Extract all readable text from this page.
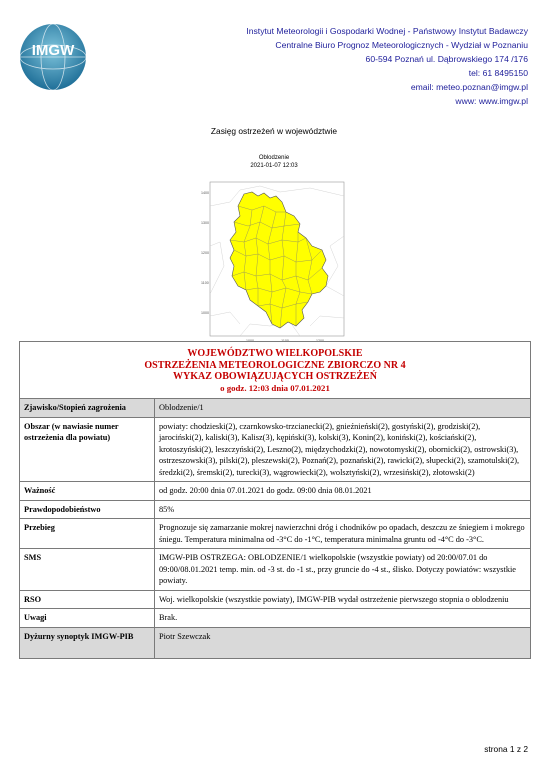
IMGW
Instytut Meteorologii i Gospodarki Wodnej - Państwowy Instytut Badawczy
Centralne Biuro Prognoz Meteorologicznych - Wydział w Poznaniu
60-594 Poznań ul. Dąbrowskiego 174 /176
tel: 61 8495150
email: meteo.poznan@imgw.pl
www: www.imgw.pl
Zasięg ostrzeżeń w województwie
Oblodzenie
2021-01-07 12:03
1400
1300
1200
1100
1000
1000	1100	1200
WOJEWÓDZTWO WIELKOPOLSKIE
OSTRZEŻENIA METEOROLOGICZNE ZBIORCZO NR 4
WYKAZ OBOWIĄZUJĄCYCH OSTRZEŻEŃ
o godz. 12:03 dnia 07.01.2021	

Zjawisko/Stopień zagrożenia	Oblodzenie/1
Obszar (w nawiasie numer ostrzeżenia dla powiatu)	powiaty: chodzieski(2), czarnkowsko-trzcianecki(2), gnieźnieński(2), gostyński(2), grodziski(2), jarociński(2), kaliski(3), Kalisz(3), kępiński(3), kolski(3), Konin(2), koniński(2), kościański(2), krotoszyński(2), leszczyński(2), Leszno(2), międzychodzki(2), nowotomyski(2), obornicki(2), ostrowski(3), ostrzeszowski(3), pilski(2), pleszewski(2), Poznań(2), poznański(2), rawicki(2), słupecki(2), szamotulski(2), średzki(2), śremski(2), turecki(3), wągrowiecki(2), wolsztyński(2), wrzesiński(2), złotowski(2)
Ważność	od godz. 20:00 dnia 07.01.2021 do godz. 09:00 dnia 08.01.2021
Prawdopodobieństwo	85%
Przebieg	Prognozuje się zamarzanie mokrej nawierzchni dróg i chodników po opadach, deszczu ze śniegiem i mokrego śniegu. Temperatura minimalna od -3°C do -1°C, temperatura minimalna gruntu od -4°C do -3°C.
SMS	IMGW-PIB OSTRZEGA: OBLODZENIE/1 wielkopolskie (wszystkie powiaty) od 20:00/07.01 do 09:00/08.01.2021 temp. min. od -3 st. do -1 st., przy gruncie do -4 st., ślisko. Dotyczy powiatów: wszystkie powiaty.
RSO	Woj. wielkopolskie (wszystkie powiaty), IMGW-PIB wydał ostrzeżenie pierwszego stopnia o oblodzeniu
Uwagi	Brak.
Dyżurny synoptyk IMGW-PIB	Piotr Szewczak
strona 1 z 2
